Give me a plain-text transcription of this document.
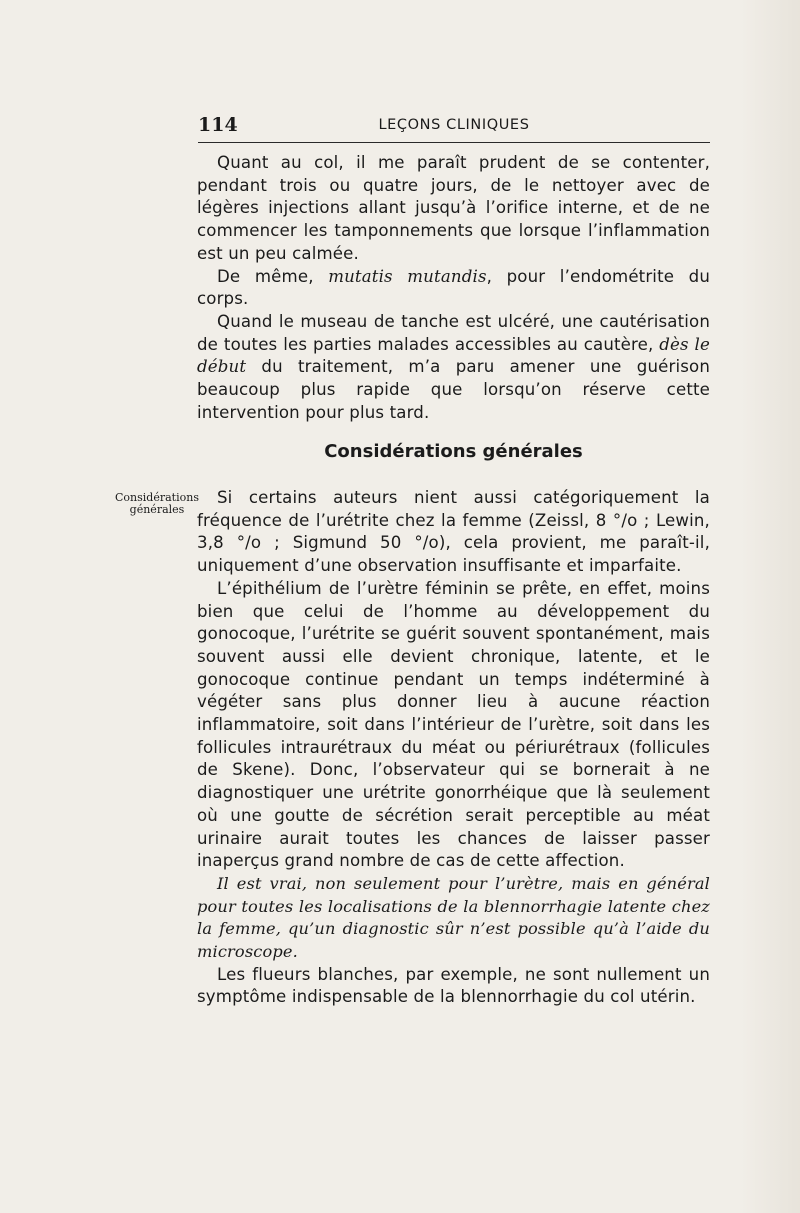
114	LEÇONS CLINIQUES

Quant au col, il me paraît prudent de se contenter, pendant trois ou quatre jours, de le nettoyer avec de légères injections allant jusqu’à l’orifice interne, et de ne commencer les tamponnements que lorsque l’inflammation est un peu calmée.

De même, mutatis mutandis, pour l’endométrite du corps.

Quand le museau de tanche est ulcéré, une cautérisation de toutes les parties malades accessibles au cautère, dès le début du traitement, m’a paru amener une guérison beaucoup plus rapide que lorsqu’on réserve cette intervention pour plus tard.

Considérations générales
Considérations
générales

Si certains auteurs nient aussi catégoriquement la fréquence de l’urétrite chez la femme (Zeissl, 8 °/o ; Lewin, 3,8 °/o ; Sigmund 50 °/o), cela provient, me paraît-il, uniquement d’une observation insuffisante et imparfaite.

L’épithélium de l’urètre féminin se prête, en effet, moins bien que celui de l’homme au développement du gonocoque, l’urétrite se guérit souvent spontanément, mais souvent aussi elle devient chronique, latente, et le gonocoque continue pendant un temps indéterminé à végéter sans plus donner lieu à aucune réaction inflammatoire, soit dans l’intérieur de l’urètre, soit dans les follicules intraurétraux du méat ou périurétraux (follicules de Skene). Donc, l’observateur qui se bornerait à ne diagnostiquer une urétrite gonorrhéique que là seulement où une goutte de sécrétion serait perceptible au méat urinaire aurait toutes les chances de laisser passer inaperçus grand nombre de cas de cette affection.

Il est vrai, non seulement pour l’urètre, mais en général pour toutes les localisations de la blennorrhagie latente chez la femme, qu’un diagnostic sûr n’est possible qu’à l’aide du microscope.

Les flueurs blanches, par exemple, ne sont nullement un symptôme indispensable de la blennorrhagie du col utérin.
